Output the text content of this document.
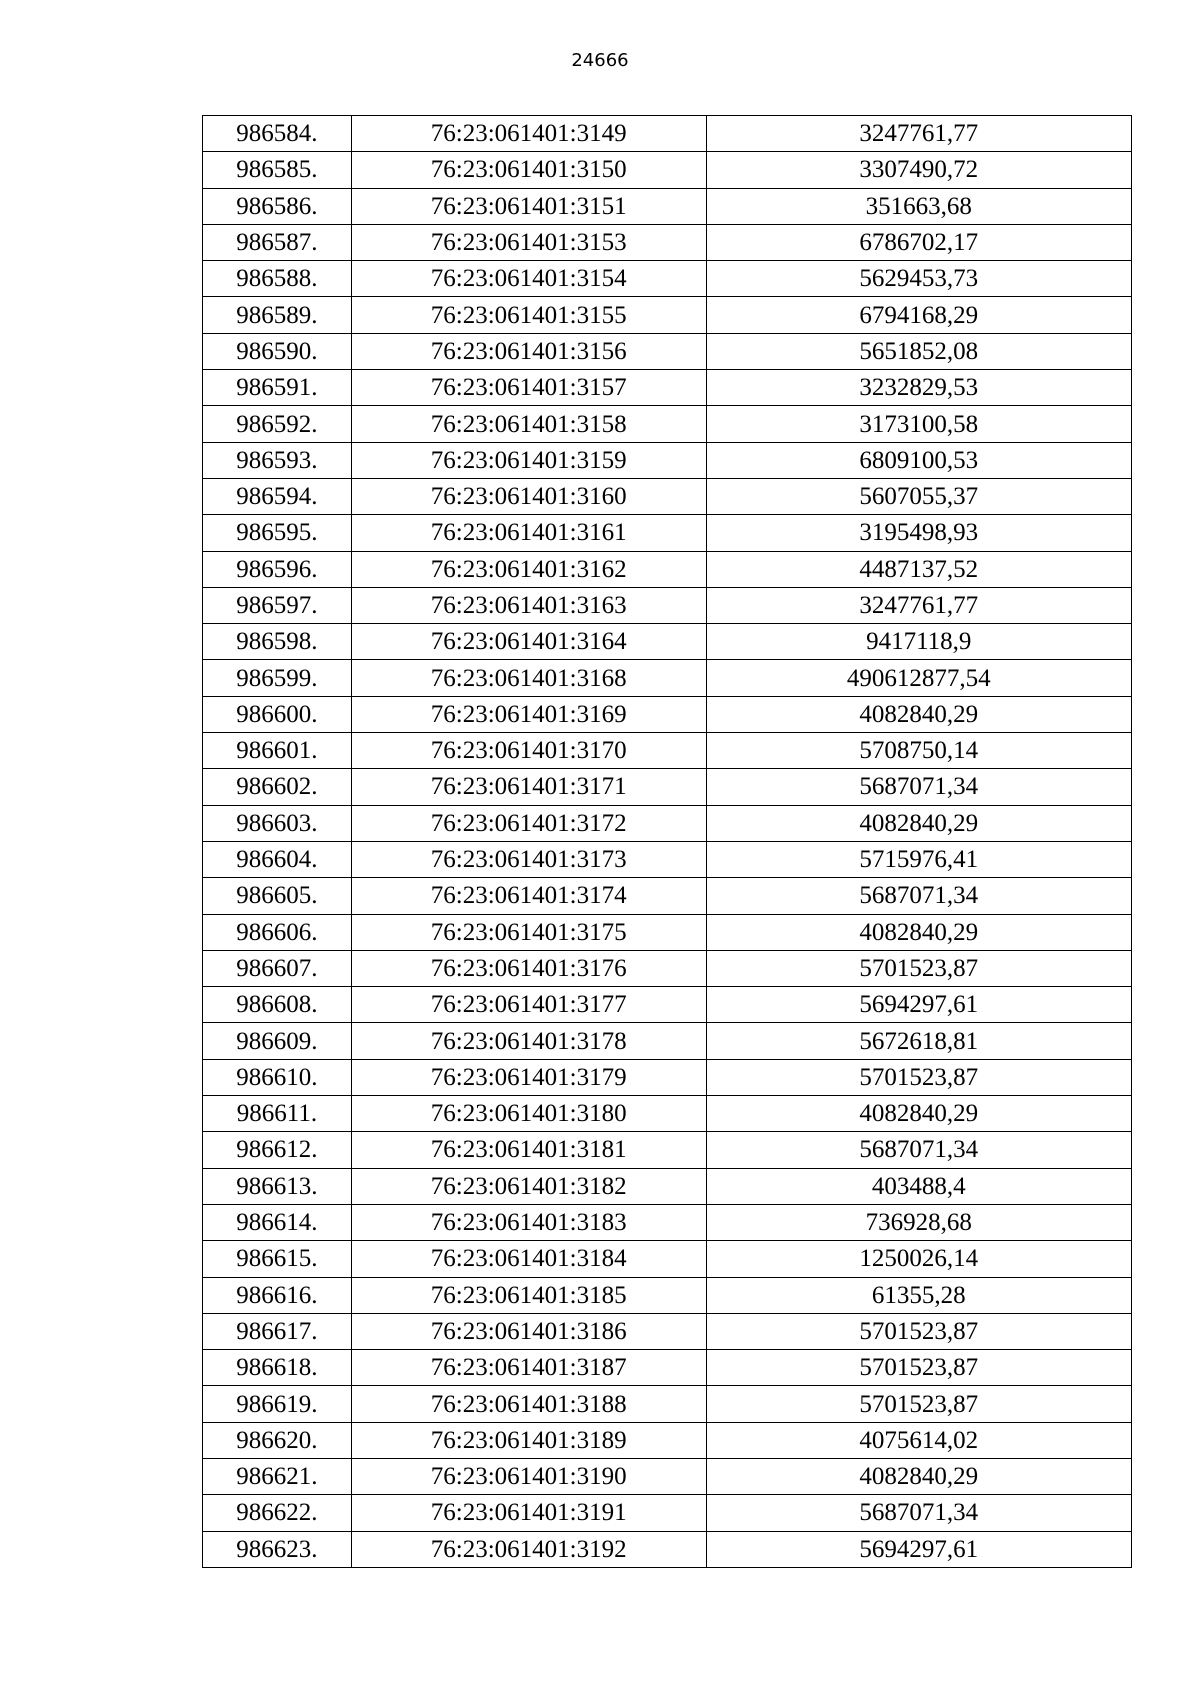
24666
986584.	76:23:061401:3149	3247761,77
986585.	76:23:061401:3150	3307490,72
986586.	76:23:061401:3151	351663,68
986587.	76:23:061401:3153	6786702,17
986588.	76:23:061401:3154	5629453,73
986589.	76:23:061401:3155	6794168,29
986590.	76:23:061401:3156	5651852,08
986591.	76:23:061401:3157	3232829,53
986592.	76:23:061401:3158	3173100,58
986593.	76:23:061401:3159	6809100,53
986594.	76:23:061401:3160	5607055,37
986595.	76:23:061401:3161	3195498,93
986596.	76:23:061401:3162	4487137,52
986597.	76:23:061401:3163	3247761,77
986598.	76:23:061401:3164	9417118,9
986599.	76:23:061401:3168	490612877,54
986600.	76:23:061401:3169	4082840,29
986601.	76:23:061401:3170	5708750,14
986602.	76:23:061401:3171	5687071,34
986603.	76:23:061401:3172	4082840,29
986604.	76:23:061401:3173	5715976,41
986605.	76:23:061401:3174	5687071,34
986606.	76:23:061401:3175	4082840,29
986607.	76:23:061401:3176	5701523,87
986608.	76:23:061401:3177	5694297,61
986609.	76:23:061401:3178	5672618,81
986610.	76:23:061401:3179	5701523,87
986611.	76:23:061401:3180	4082840,29
986612.	76:23:061401:3181	5687071,34
986613.	76:23:061401:3182	403488,4
986614.	76:23:061401:3183	736928,68
986615.	76:23:061401:3184	1250026,14
986616.	76:23:061401:3185	61355,28
986617.	76:23:061401:3186	5701523,87
986618.	76:23:061401:3187	5701523,87
986619.	76:23:061401:3188	5701523,87
986620.	76:23:061401:3189	4075614,02
986621.	76:23:061401:3190	4082840,29
986622.	76:23:061401:3191	5687071,34
986623.	76:23:061401:3192	5694297,61
